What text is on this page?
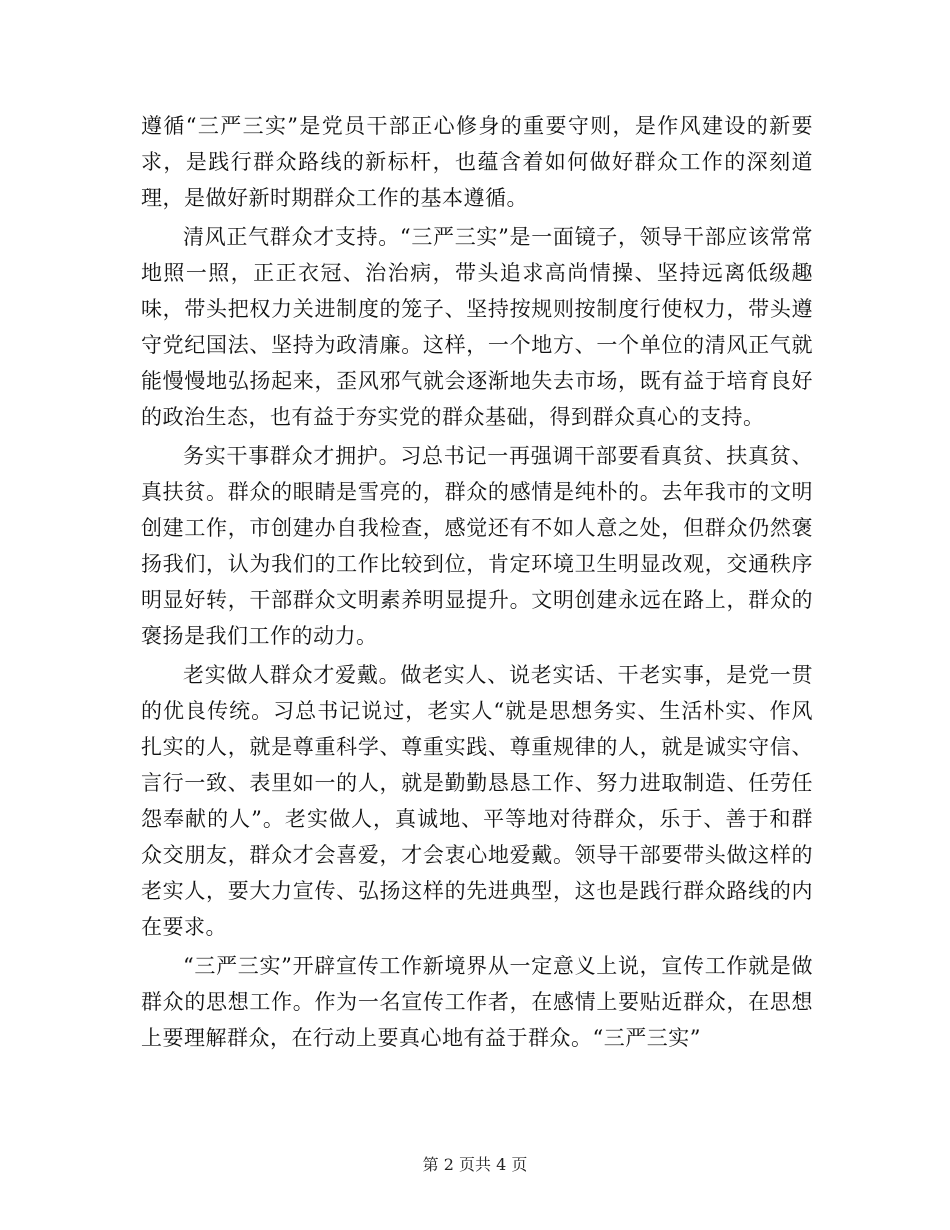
遵循“三严三实”是党员干部正心修身的重要守则，是作风建设的新要求，是践行群众路线的新标杆，也蕴含着如何做好群众工作的深刻道理，是做好新时期群众工作的基本遵循。

清风正气群众才支持。“三严三实”是一面镜子，领导干部应该常常地照一照，正正衣冠、治治病，带头追求高尚情操、坚持远离低级趣味，带头把权力关进制度的笼子、坚持按规则按制度行使权力，带头遵守党纪国法、坚持为政清廉。这样，一个地方、一个单位的清风正气就能慢慢地弘扬起来，歪风邪气就会逐渐地失去市场，既有益于培育良好的政治生态，也有益于夯实党的群众基础，得到群众真心的支持。

务实干事群众才拥护。习总书记一再强调干部要看真贫、扶真贫、真扶贫。群众的眼睛是雪亮的，群众的感情是纯朴的。去年我市的文明创建工作，市创建办自我检查，感觉还有不如人意之处，但群众仍然褒扬我们，认为我们的工作比较到位，肯定环境卫生明显改观，交通秩序明显好转，干部群众文明素养明显提升。文明创建永远在路上，群众的褒扬是我们工作的动力。

老实做人群众才爱戴。做老实人、说老实话、干老实事，是党一贯的优良传统。习总书记说过，老实人“就是思想务实、生活朴实、作风扎实的人，就是尊重科学、尊重实践、尊重规律的人，就是诚实守信、言行一致、表里如一的人，就是勤勤恳恳工作、努力进取制造、任劳任怨奉献的人”。老实做人，真诚地、平等地对待群众，乐于、善于和群众交朋友，群众才会喜爱，才会衷心地爱戴。领导干部要带头做这样的老实人，要大力宣传、弘扬这样的先进典型，这也是践行群众路线的内在要求。

“三严三实”开辟宣传工作新境界从一定意义上说，宣传工作就是做群众的思想工作。作为一名宣传工作者，在感情上要贴近群众，在思想上要理解群众，在行动上要真心地有益于群众。“三严三实”

第 2 页共 4 页
